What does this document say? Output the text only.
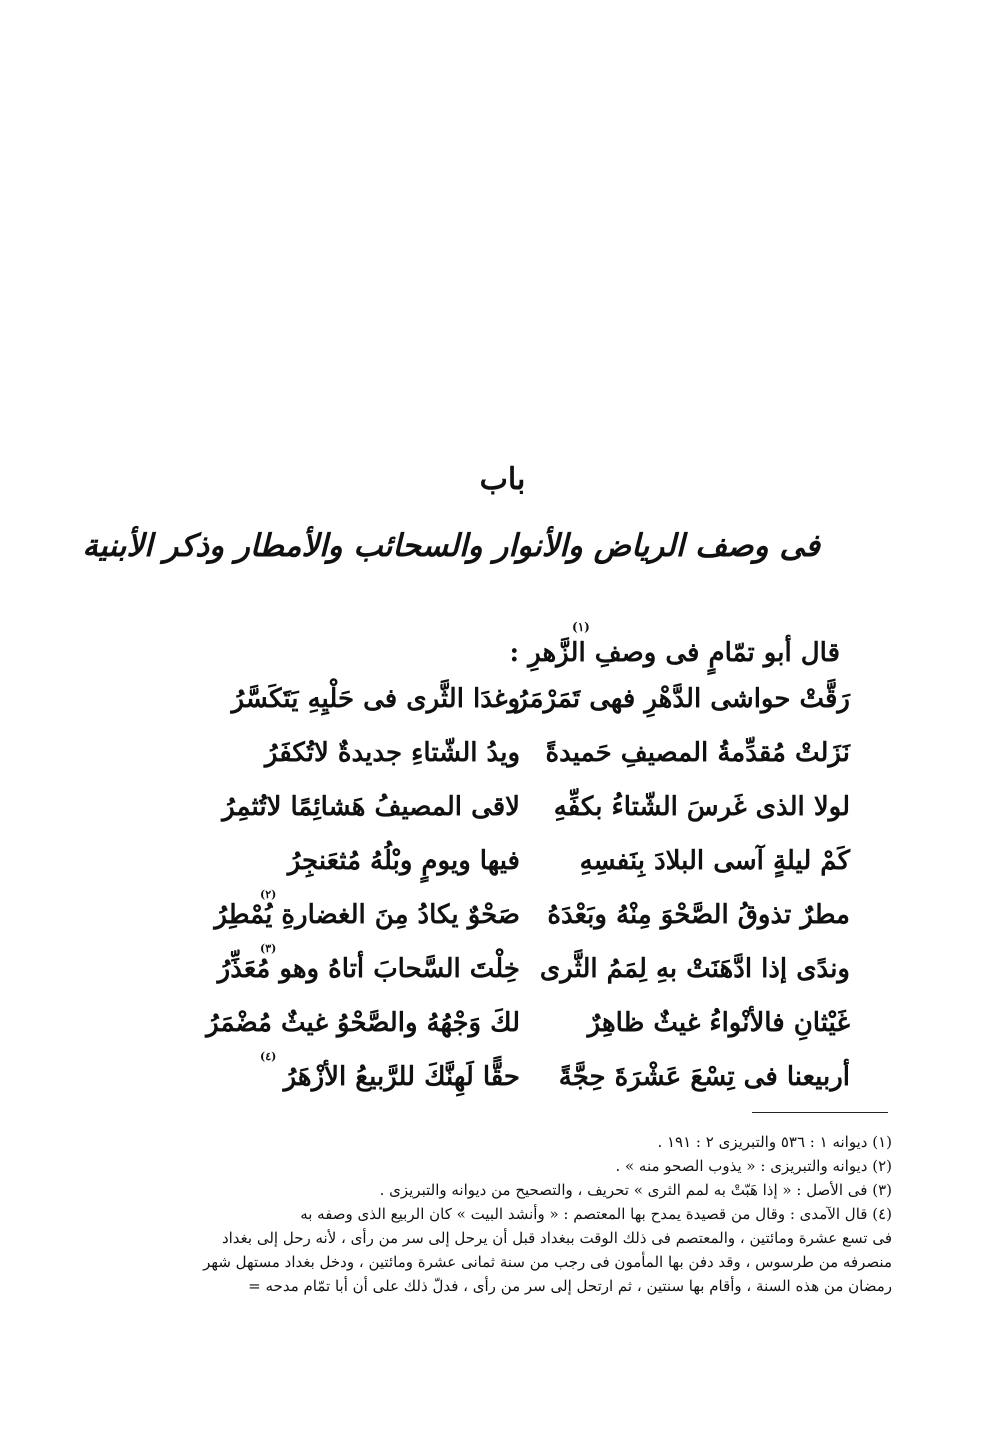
باب
فى وصف الرياض والأنوار والسحائب والأمطار وذكر الأبنية
(١)
قال أبو تمّامٍ فى وصفِ الزَّهرِ :
رَقَّتْ حواشى الدَّهْرِ فهى تَمَرْمَرُ
وغدَا الثَّرى فى حَلْيِهِ يَتَكَسَّرُ
نَزَلتْ مُقدِّمةُ المصيفِ حَميدةً
ويدُ الشّتاءِ جديدةٌ لاتُكفَرُ
لولا الذى غَرسَ الشّتاءُ بكفِّهِ
لاقى المصيفُ هَشائِمًا لاتُثمِرُ
كَمْ ليلةٍ آسى البلادَ بِنَفسِهِ
فيها ويومٍ وبْلُهُ مُثعَنجِرُ
(٢)
مطرٌ تذوقُ الصَّحْوَ مِنْهُ وبَعْدَهُ
صَحْوٌ يكادُ مِنَ الغضارةِ يُمْطِرُ
(٣)
وندًى إذا ادَّهَنَتْ بهِ لِمَمُ الثَّرى
خِلْتَ السَّحابَ أتاهُ وهو مُعَذِّرُ
غَيْثانِ فالأنْواءُ غيثٌ ظاهِرٌ
لكَ وَجْهُهُ والصَّحْوُ غيثٌ مُضْمَرُ
(٤)
أربيعنا فى تِسْعَ عَشْرَةَ حِجَّةً
حقًّا لَهِنَّكَ للرَّبيعُ الأزْهَرُ
(١) ديوانه ١ : ٥٣٦ والتبريزى ٢ : ١٩١ .
(٢) ديوانه والتبريزى : « يذوب الصحو منه » .
(٣) فى الأصل : « إذا هَبّتْ به لمم الثرى » تحريف ، والتصحيح من ديوانه والتبريزى .
(٤) قال الآمدى : وقال من قصيدة يمدح بها المعتصم : « وأنشد البيت » كان الربيع الذى وصفه به
فى تسع عشرة ومائتين ، والمعتصم فى ذلك الوقت ببغداد قبل أن يرحل إلى سر من رأى ، لأنه رحل إلى بغداد
منصرفه من طرسوس ، وقد دفن بها المأمون فى رجب من سنة ثمانى عشرة ومائتين ، ودخل بغداد مستهل شهر
رمضان من هذه السنة ، وأقام بها سنتين ، ثم ارتحل إلى سر من رأى ، فدلّ ذلك على أن أبا تمّام مدحه =
